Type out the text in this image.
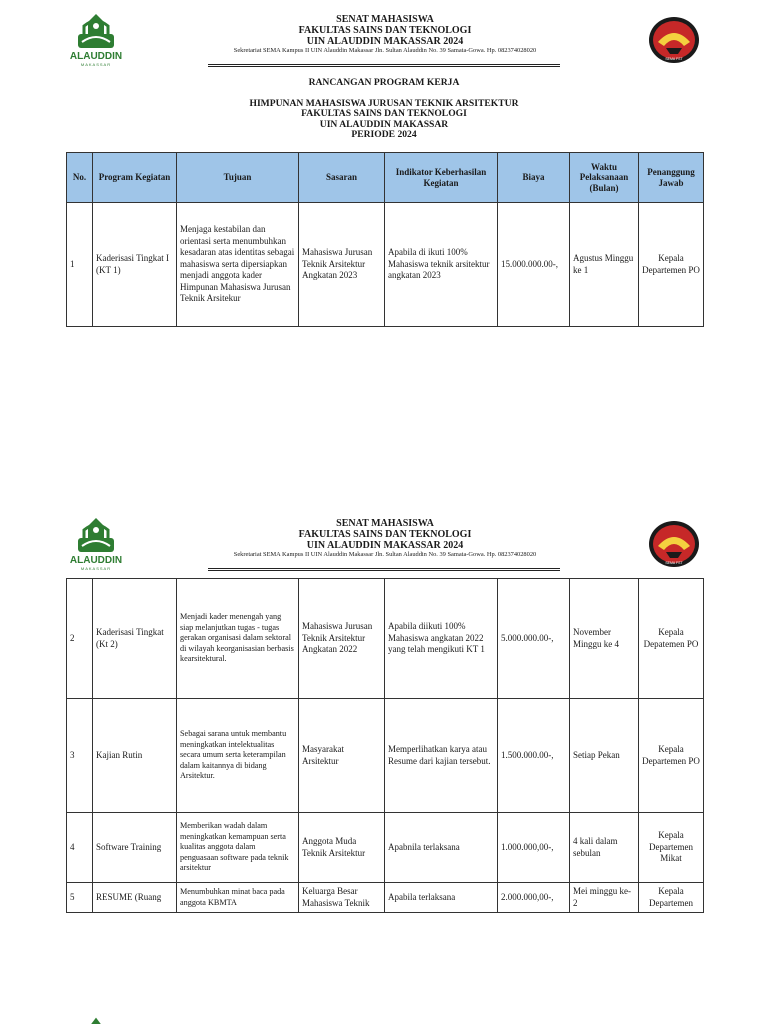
ALAUDDIN
MAKASSAR
SENAT MAHASISWA
FAKULTAS SAINS DAN TEKNOLOGI
UIN ALAUDDIN MAKASSAR 2024
Sekretariat SEMA Kampus II UIN Alauddin Makassar Jln. Sultan Alauddin No. 39 Samata-Gowa. Hp. 082374028020
SEMA FST
RANCANGAN PROGRAM KERJA
HIMPUNAN MAHASISWA JURUSAN TEKNIK ARSITEKTUR
FAKULTAS SAINS DAN TEKNOLOGI
UIN ALAUDDIN MAKASSAR
PERIODE 2024
No.	Program Kegiatan	Tujuan	Sasaran	Indikator Keberhasilan Kegiatan	Biaya	Waktu Pelaksanaan (Bulan)	Penanggung Jawab
1	Kaderisasi Tingkat I (KT 1)	Menjaga kestabilan dan orientasi serta menumbuhkan kesadaran atas identitas sebagai mahasiswa serta dipersiapkan menjadi anggota kader Himpunan Mahasiswa Jurusan Teknik Arsitekur	Mahasiswa Jurusan Teknik Arsitektur Angkatan 2023	Apabila di ikuti 100% Mahasiswa teknik arsitektur angkatan 2023	15.000.000.00-,	Agustus Minggu ke 1	Kepala Departemen PO
ALAUDDIN
MAKASSAR
SENAT MAHASISWA
FAKULTAS SAINS DAN TEKNOLOGI
UIN ALAUDDIN MAKASSAR 2024
Sekretariat SEMA Kampus II UIN Alauddin Makassar Jln. Sultan Alauddin No. 39 Samata-Gowa. Hp. 082374028020
SEMA FST
2	Kaderisasi Tingkat (Kt 2)	Menjadi kader menengah yang siap melanjutkan tugas - tugas gerakan organisasi dalam sektoral di wilayah keorganisasian berbasis kearsitektural.	Mahasiswa Jurusan Teknik Arsitektur Angkatan 2022	Apabila diikuti 100% Mahasiswa angkatan 2022 yang telah mengikuti KT 1	5.000.000.00-,	November Minggu ke 4	Kepala Depatemen PO
3	Kajian Rutin	Sebagai sarana untuk membantu meningkatkan intelektualitas secara umum serta keterampilan dalam kaitannya di bidang Arsitektur.	Masyarakat Arsitektur	Memperlihatkan karya atau Resume dari kajian tersebut.	1.500.000.00-,	Setiap Pekan	Kepala Departemen PO
4	Software Training	Memberikan wadah dalam meningkatkan kemampuan serta kualitas anggota dalam penguasaan software pada teknik arsitektur	Anggota Muda Teknik Arsitektur	Apabnila terlaksana	1.000.000,00-,	4 kali dalam sebulan	Kepala Departemen Mikat
5	RESUME (Ruang	Menumbuhkan minat baca pada anggota KBMTA	Keluarga Besar Mahasiswa Teknik	Apabila terlaksana	2.000.000,00-,	Mei minggu ke-2	Kepala Departemen
